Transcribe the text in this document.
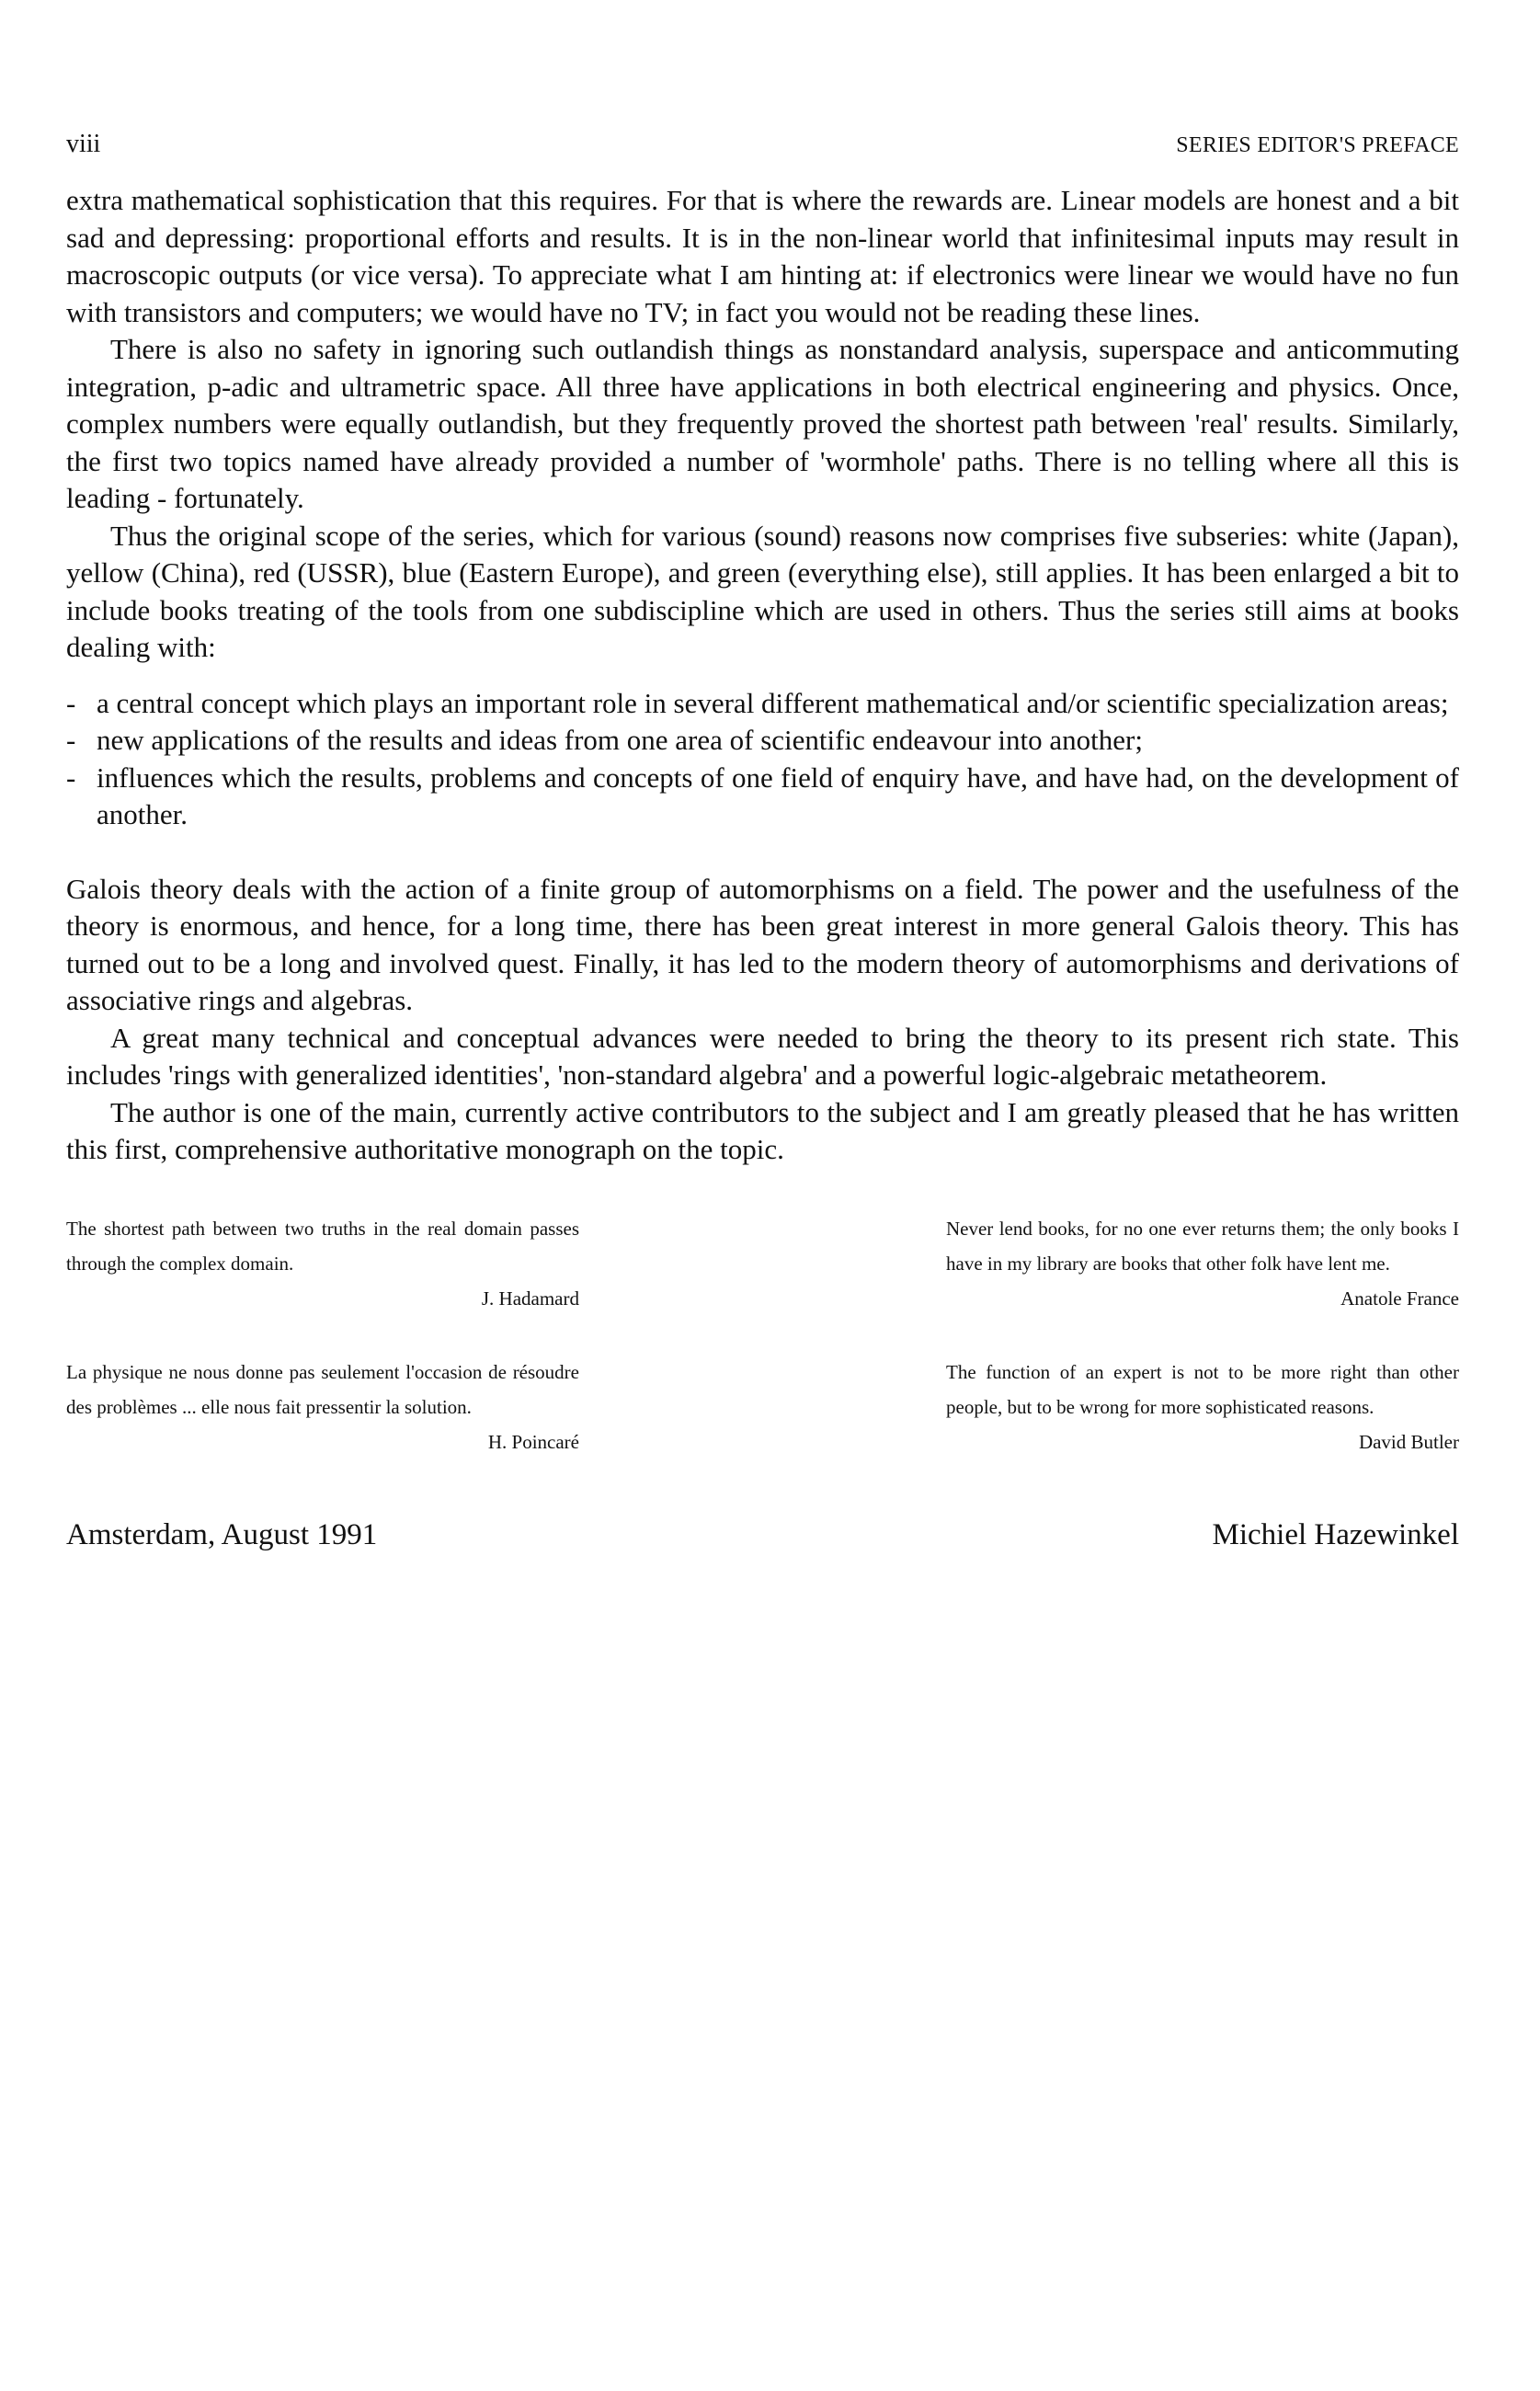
viii	SERIES EDITOR'S PREFACE

extra mathematical sophistication that this requires. For that is where the rewards are. Linear models are honest and a bit sad and depressing: proportional efforts and results. It is in the non-linear world that infinitesimal inputs may result in macroscopic outputs (or vice versa). To appreciate what I am hinting at: if electronics were linear we would have no fun with transistors and computers; we would have no TV; in fact you would not be reading these lines.

There is also no safety in ignoring such outlandish things as nonstandard analysis, superspace and anticommuting integration, p-adic and ultrametric space. All three have applications in both electrical engineering and physics. Once, complex numbers were equally outlandish, but they frequently proved the shortest path between 'real' results. Similarly, the first two topics named have already provided a number of 'wormhole' paths. There is no telling where all this is leading - fortunately.

Thus the original scope of the series, which for various (sound) reasons now comprises five subseries: white (Japan), yellow (China), red (USSR), blue (Eastern Europe), and green (everything else), still applies. It has been enlarged a bit to include books treating of the tools from one subdiscipline which are used in others. Thus the series still aims at books dealing with:

- a central concept which plays an important role in several different mathematical and/or scientific specialization areas;
- new applications of the results and ideas from one area of scientific endeavour into another;
- influences which the results, problems and concepts of one field of enquiry have, and have had, on the development of another.

Galois theory deals with the action of a finite group of automorphisms on a field. The power and the usefulness of the theory is enormous, and hence, for a long time, there has been great interest in more general Galois theory. This has turned out to be a long and involved quest. Finally, it has led to the modern theory of automorphisms and derivations of associative rings and algebras.

A great many technical and conceptual advances were needed to bring the theory to its present rich state. This includes 'rings with generalized identities', 'non-standard algebra' and a powerful logic-algebraic metatheorem.

The author is one of the main, currently active contributors to the subject and I am greatly pleased that he has written this first, comprehensive authoritative monograph on the topic.

The shortest path between two truths in the real domain passes through the complex domain.

J. Hadamard

Never lend books, for no one ever returns them; the only books I have in my library are books that other folk have lent me.

Anatole France

La physique ne nous donne pas seulement l'occasion de résoudre des problèmes ... elle nous fait pressentir la solution.

H. Poincaré

The function of an expert is not to be more right than other people, but to be wrong for more sophisticated reasons.

David Butler

Amsterdam, August 1991	Michiel Hazewinkel
